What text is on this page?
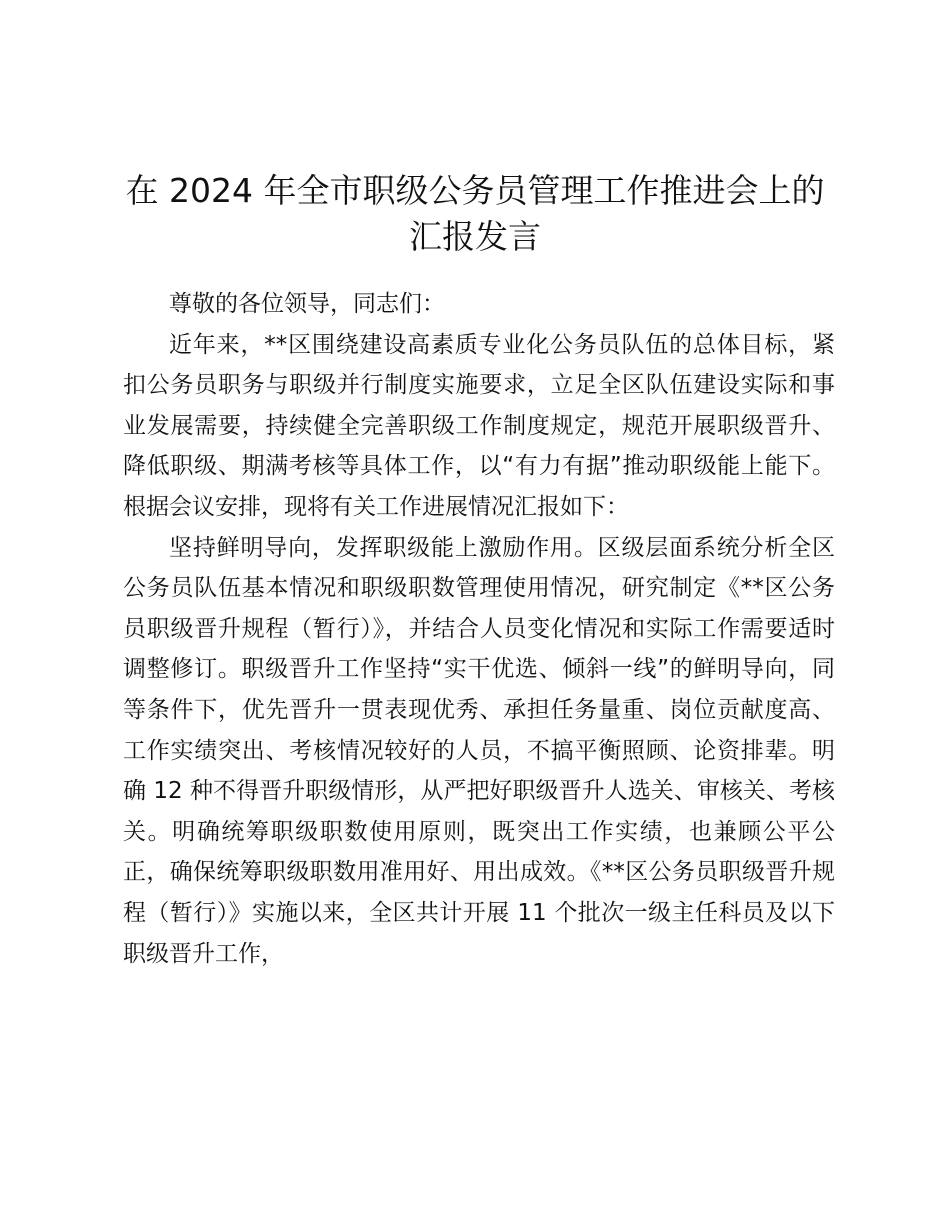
在 2024 年全市职级公务员管理工作推进会上的汇报发言

尊敬的各位领导，同志们：

近年来，**区围绕建设高素质专业化公务员队伍的总体目标，紧扣公务员职务与职级并行制度实施要求，立足全区队伍建设实际和事业发展需要，持续健全完善职级工作制度规定，规范开展职级晋升、降低职级、期满考核等具体工作，以“有力有据”推动职级能上能下。根据会议安排，现将有关工作进展情况汇报如下：

坚持鲜明导向，发挥职级能上激励作用。区级层面系统分析全区公务员队伍基本情况和职级职数管理使用情况，研究制定《**区公务员职级晋升规程（暂行）》，并结合人员变化情况和实际工作需要适时调整修订。职级晋升工作坚持“实干优选、倾斜一线”的鲜明导向，同等条件下，优先晋升一贯表现优秀、承担任务量重、岗位贡献度高、工作实绩突出、考核情况较好的人员，不搞平衡照顾、论资排辈。明确 12 种不得晋升职级情形，从严把好职级晋升人选关、审核关、考核关。明确统筹职级职数使用原则，既突出工作实绩，也兼顾公平公正，确保统筹职级职数用准用好、用出成效。《**区公务员职级晋升规程（暂行）》实施以来，全区共计开展 11 个批次一级主任科员及以下职级晋升工作，
